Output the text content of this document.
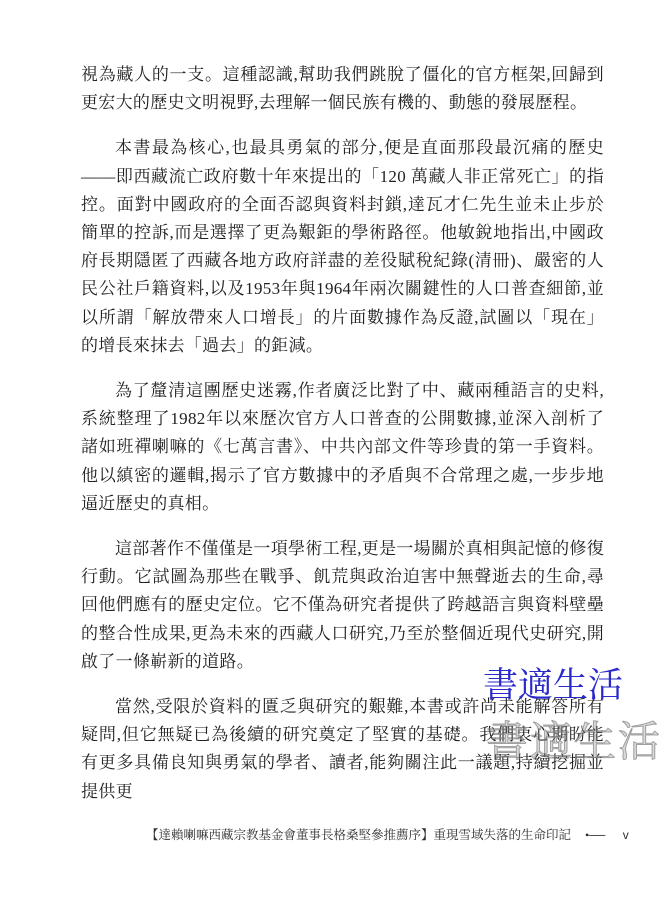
視為藏人的一支。這種認識,幫助我們跳脫了僵化的官方框架,回歸到更宏大的歷史文明視野,去理解一個民族有機的、動態的發展歷程。

本書最為核心,也最具勇氣的部分,便是直面那段最沉痛的歷史——即西藏流亡政府數十年來提出的「120 萬藏人非正常死亡」的指控。面對中國政府的全面否認與資料封鎖,達瓦才仁先生並未止步於簡單的控訴,而是選擇了更為艱鉅的學術路徑。他敏銳地指出,中國政府長期隱匿了西藏各地方政府詳盡的差役賦稅紀錄(清冊)、嚴密的人民公社戶籍資料,以及1953年與1964年兩次關鍵性的人口普查細節,並以所謂「解放帶來人口增長」的片面數據作為反證,試圖以「現在」的增長來抹去「過去」的鉅減。

為了釐清這團歷史迷霧,作者廣泛比對了中、藏兩種語言的史料,系統整理了1982年以來歷次官方人口普查的公開數據,並深入剖析了諸如班禪喇嘛的《七萬言書》、中共內部文件等珍貴的第一手資料。他以縝密的邏輯,揭示了官方數據中的矛盾與不合常理之處,一步步地逼近歷史的真相。

這部著作不僅僅是一項學術工程,更是一場關於真相與記憶的修復行動。它試圖為那些在戰爭、飢荒與政治迫害中無聲逝去的生命,尋回他們應有的歷史定位。它不僅為研究者提供了跨越語言與資料壁壘的整合性成果,更為未來的西藏人口研究,乃至於整個近現代史研究,開啟了一條嶄新的道路。

當然,受限於資料的匱乏與研究的艱難,本書或許尚未能解答所有疑問,但它無疑已為後續的研究奠定了堅實的基礎。我們衷心期盼能有更多具備良知與勇氣的學者、讀者,能夠關注此一議題,持續挖掘並提供更

書適生活
書適生活
【達賴喇嘛西藏宗教基金會董事長格桑堅參推薦序】重現雪域失落的生命印記 •── v
